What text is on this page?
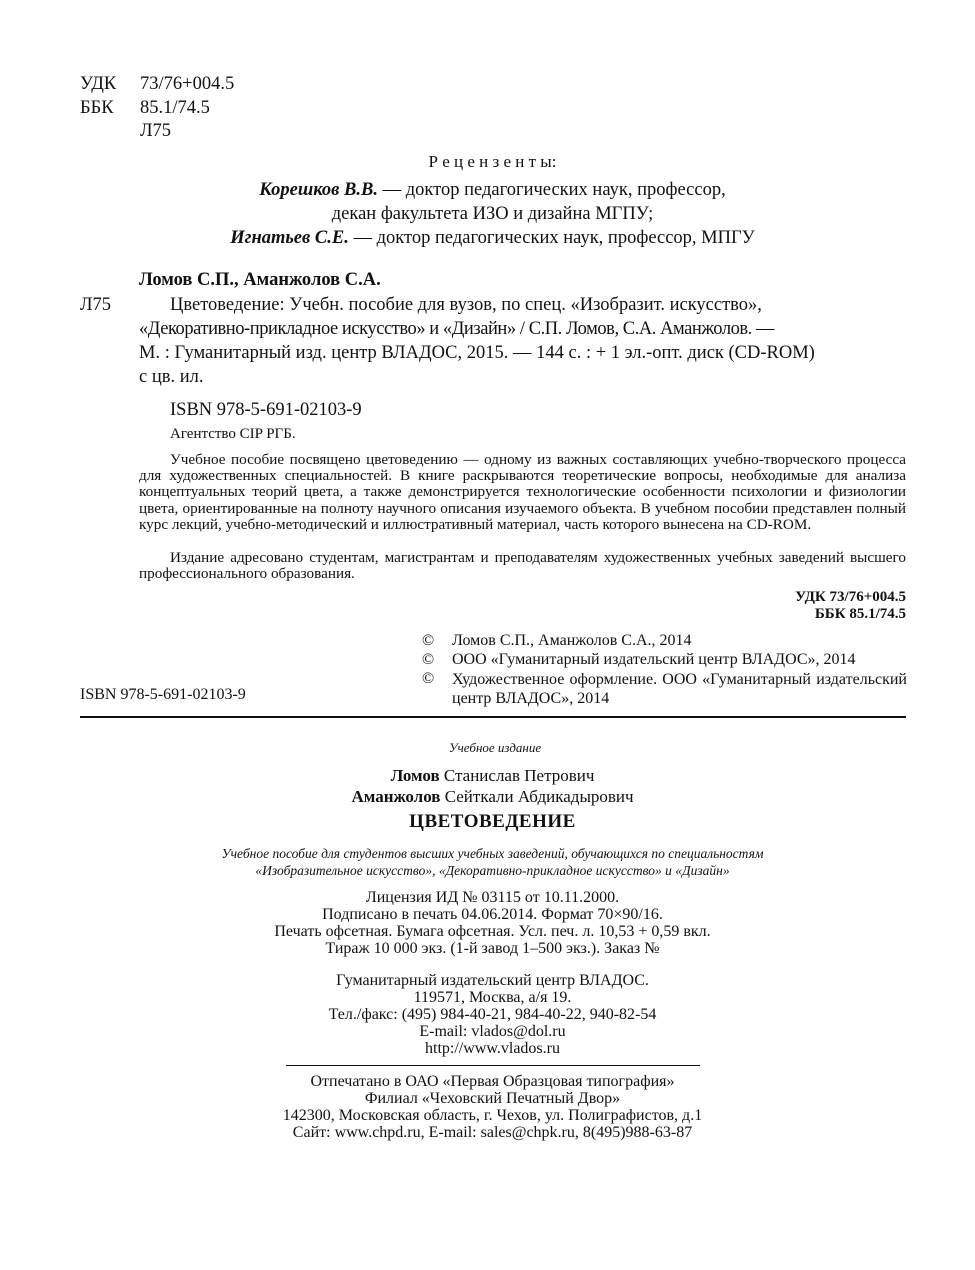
УДК 73/76+004.5
ББК 85.1/74.5
Л75
Р е ц е н з е н т ы:
Корешков В.В. — доктор педагогических наук, профессор,
декан факультета ИЗО и дизайна МГПУ;
Игнатьев С.Е. — доктор педагогических наук, профессор, МПГУ
Ломов С.П., Аманжолов С.А.
Л75	Цветоведение: Учебн. пособие для вузов, по спец. «Изобразит. искусство»,
«Декоративно-прикладное искусство» и «Дизайн» / С.П. Ломов, С.А. Аманжолов. —
М. : Гуманитарный изд. центр ВЛАДОС, 2015. — 144 с. : + 1 эл.-опт. диск (CD-ROM)
с цв. ил.
ISBN 978-5-691-02103-9
Агентство CIP РГБ.
Учебное пособие посвящено цветоведению — одному из важных составляющих учебно-творческого процесса для художественных специальностей. В книге раскрываются теоретические вопросы, необходимые для анализа концептуальных теорий цвета, а также демонстрируется технологические особенности психологии и физиологии цвета, ориентированные на полноту научного описания изучаемого объекта. В учебном пособии представлен полный курс лекций, учебно-методический и иллюстративный материал, часть которого вынесена на CD-ROM.
Издание адресовано студентам, магистрантам и преподавателям художественных учебных заведений высшего профессионального образования.
УДК 73/76+004.5
ББК 85.1/74.5
© Ломов С.П., Аманжолов С.А., 2014
© ООО «Гуманитарный издательский центр ВЛАДОС», 2014
© Художественное оформление. ООО «Гуманитарный издательский центр ВЛАДОС», 2014
ISBN 978-5-691-02103-9
Учебное издание
Ломов Станислав Петрович
Аманжолов Сейткали Абдикадырович
ЦВЕТОВЕДЕНИЕ
Учебное пособие для студентов высших учебных заведений, обучающихся по специальностям
«Изобразительное искусство», «Декоративно-прикладное искусство» и «Дизайн»
Лицензия ИД № 03115 от 10.11.2000.
Подписано в печать 04.06.2014. Формат 70×90/16.
Печать офсетная. Бумага офсетная. Усл. печ. л. 10,53 + 0,59 вкл.
Тираж 10 000 экз. (1-й завод 1–500 экз.). Заказ №
Гуманитарный издательский центр ВЛАДОС.
119571, Москва, а/я 19.
Тел./факс: (495) 984-40-21, 984-40-22, 940-82-54
E-mail: vlados@dol.ru
http://www.vlados.ru
Отпечатано в ОАО «Первая Образцовая типография»
Филиал «Чеховский Печатный Двор»
142300, Московская область, г. Чехов, ул. Полиграфистов, д.1
Сайт: www.chpd.ru, E-mail: sales@chpk.ru, 8(495)988-63-87
